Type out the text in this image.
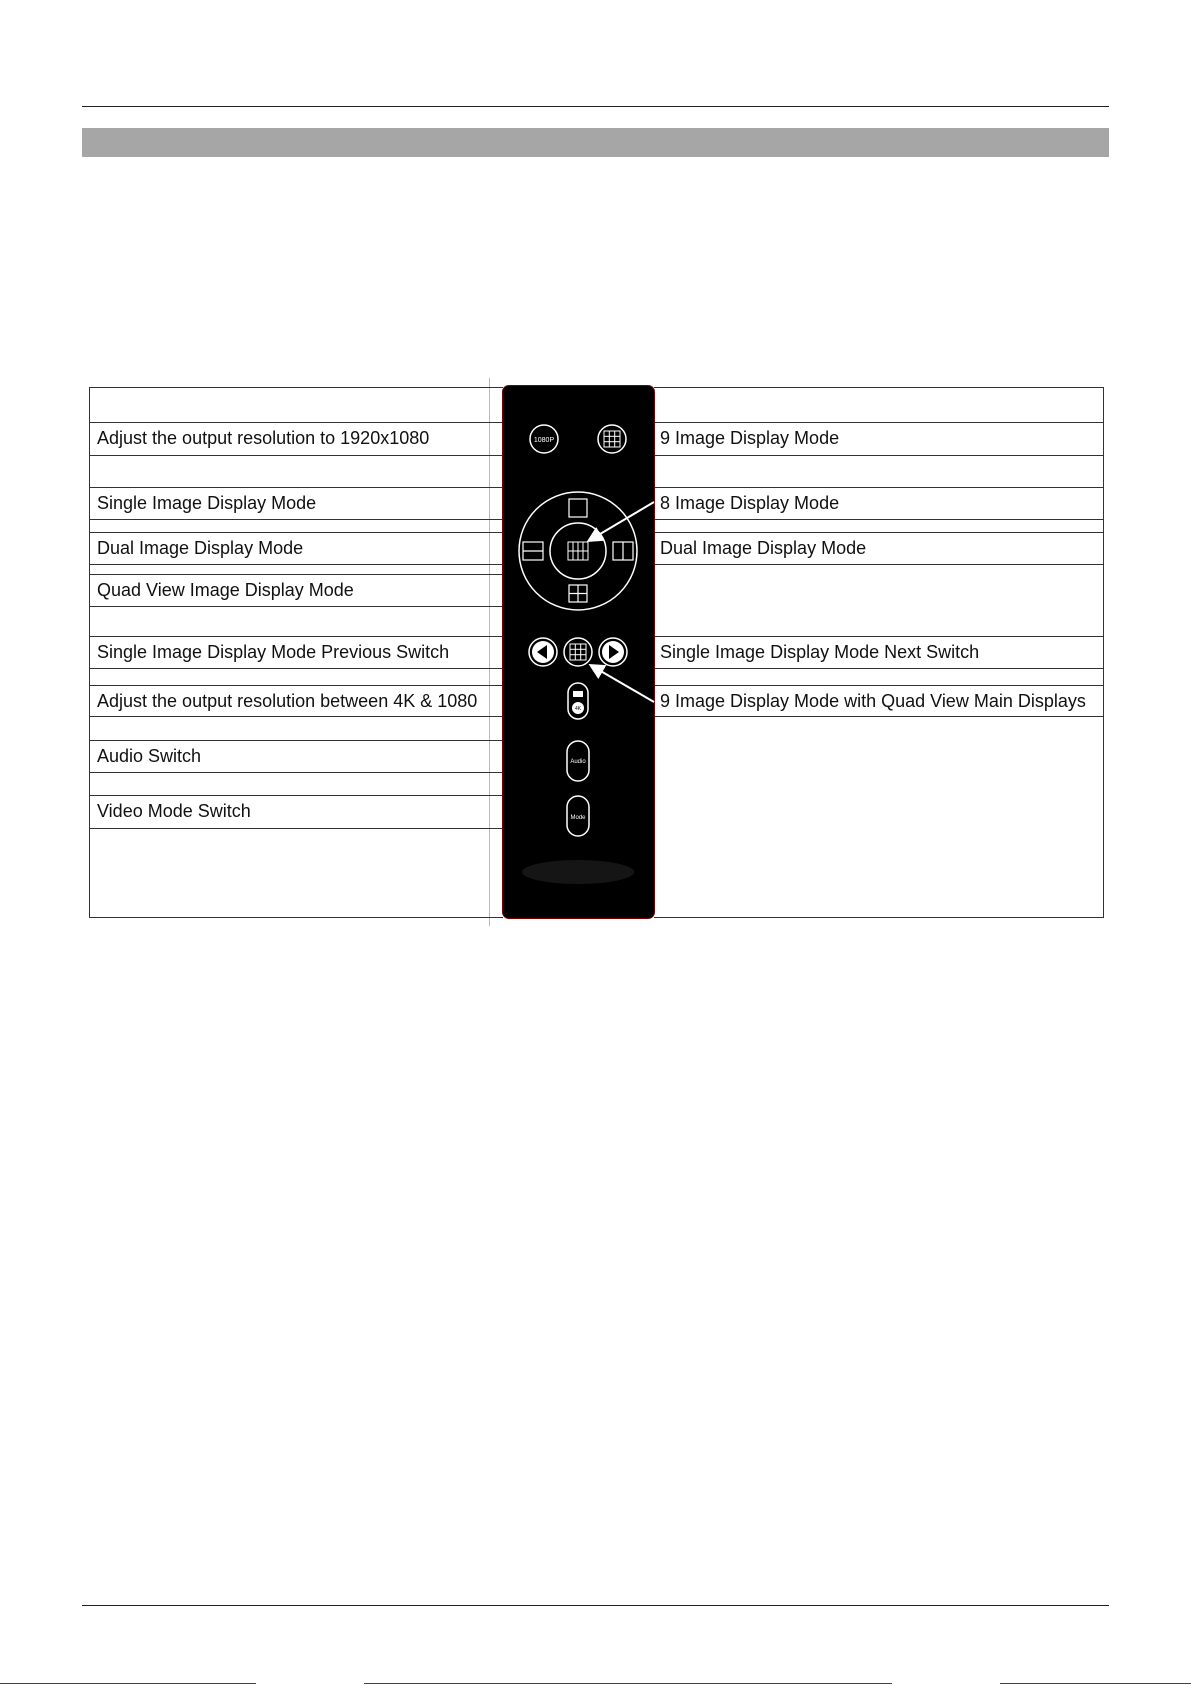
Adjust the output resolution to 1920x1080
Single Image Display Mode
Dual Image Display Mode
Quad View Image Display Mode
Single Image Display Mode Previous Switch
Adjust the output resolution between 4K & 1080
Audio Switch
Video Mode Switch
9 Image Display Mode
8 Image Display Mode
Dual Image Display Mode
Single Image Display Mode Next Switch
9 Image Display Mode with Quad View Main Displays
1080P
4K
Audio
Mode
